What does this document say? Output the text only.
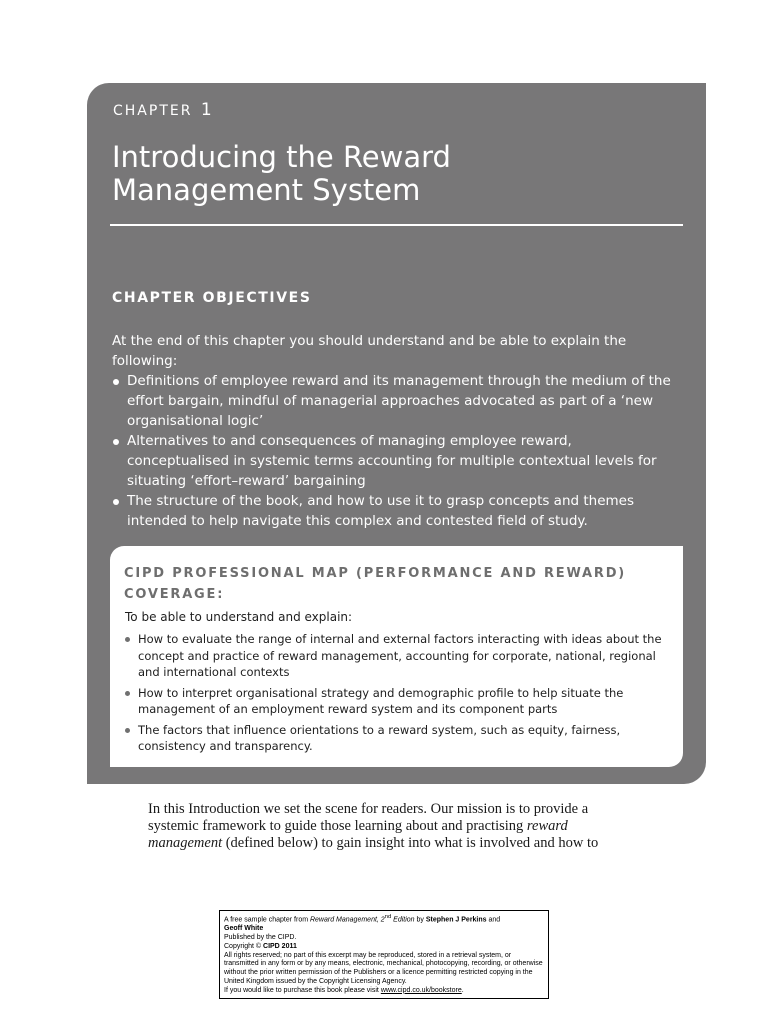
CHAPTER 1
Introducing the Reward
Management System
CHAPTER OBJECTIVES

At the end of this chapter you should understand and be able to explain the following:

Definitions of employee reward and its management through the medium of the effort bargain, mindful of managerial approaches advocated as part of a ‘new organisational logic’
Alternatives to and consequences of managing employee reward, conceptualised in systemic terms accounting for multiple contextual levels for situating ‘effort–reward’ bargaining
The structure of the book, and how to use it to grasp concepts and themes intended to help navigate this complex and contested field of study.
CIPD PROFESSIONAL MAP (PERFORMANCE AND REWARD) COVERAGE:

To be able to understand and explain:

How to evaluate the range of internal and external factors interacting with ideas about the concept and practice of reward management, accounting for corporate, national, regional and international contexts
How to interpret organisational strategy and demographic profile to help situate the management of an employment reward system and its component parts
The factors that influence orientations to a reward system, such as equity, fairness, consistency and transparency.

In this Introduction we set the scene for readers. Our mission is to provide a systemic framework to guide those learning about and practising reward management (defined below) to gain insight into what is involved and how to

A free sample chapter from Reward Management, 2nd Edition by Stephen J Perkins and

Geoff White

Published by the CIPD.

Copyright © CIPD 2011

All rights reserved; no part of this excerpt may be reproduced, stored in a retrieval system, or transmitted in any form or by any means, electronic, mechanical, photocopying, recording, or otherwise without the prior written permission of the Publishers or a licence permitting restricted copying in the United Kingdom issued by the Copyright Licensing Agency.

If you would like to purchase this book please visit www.cipd.co.uk/bookstore.
